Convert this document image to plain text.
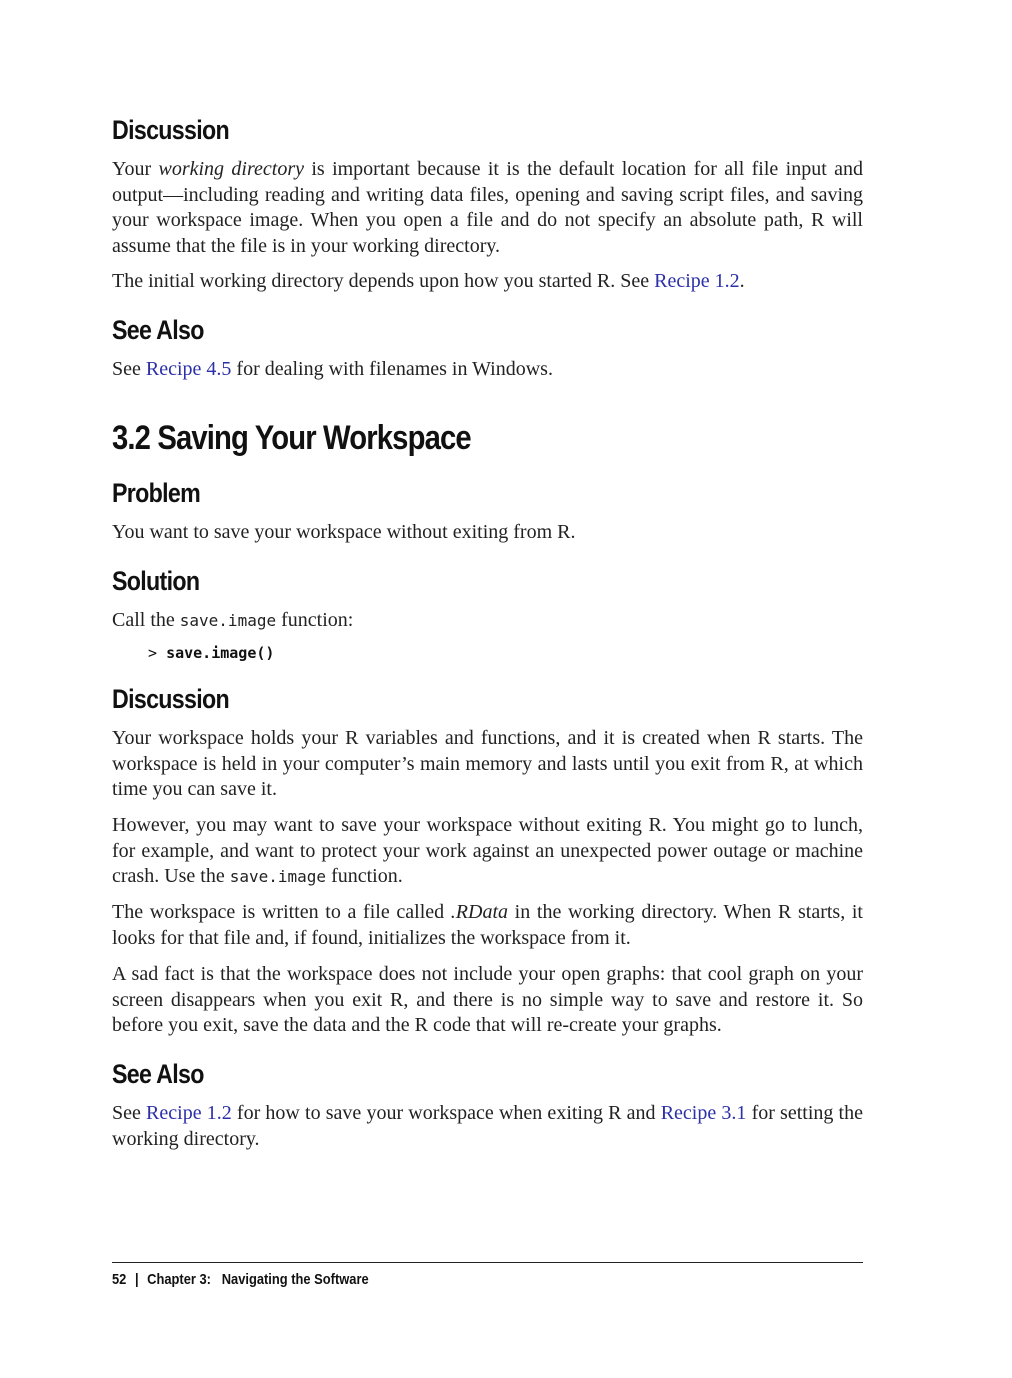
Discussion

Your working directory is important because it is the default location for all file input and output—including reading and writing data files, opening and saving script files, and saving your workspace image. When you open a file and do not specify an absolute path, R will assume that the file is in your working directory.

The initial working directory depends upon how you started R. See Recipe 1.2.

See Also

See Recipe 4.5 for dealing with filenames in Windows.

3.2 Saving Your Workspace
Problem

You want to save your workspace without exiting from R.

Solution

Call the save.image function:

> save.image()
Discussion

Your workspace holds your R variables and functions, and it is created when R starts. The workspace is held in your computer’s main memory and lasts until you exit from R, at which time you can save it.

However, you may want to save your workspace without exiting R. You might go to lunch, for example, and want to protect your work against an unexpected power outage or machine crash. Use the save.image function.

The workspace is written to a file called .RData in the working directory. When R starts, it looks for that file and, if found, initializes the workspace from it.

A sad fact is that the workspace does not include your open graphs: that cool graph on your screen disappears when you exit R, and there is no simple way to save and restore it. So before you exit, save the data and the R code that will re-create your graphs.

See Also

See Recipe 1.2 for how to save your workspace when exiting R and Recipe 3.1 for setting the working directory.

52 | Chapter 3:   Navigating the Software
